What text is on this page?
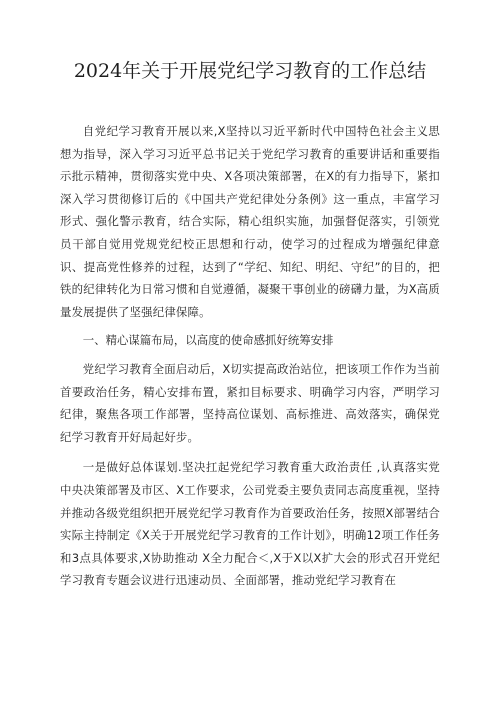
2024年关于开展党纪学习教育的工作总结

自党纪学习教育开展以来,X坚持以习近平新时代中国特色社会主义思想为指导，深入学习习近平总书记关于党纪学习教育的重要讲话和重要指示批示精神，贯彻落实党中央、X各项决策部署，在X的有力指导下，紧扣深入学习贯彻修订后的《中国共产党纪律处分条例》这一重点，丰富学习形式、强化警示教育，结合实际，精心组织实施，加强督促落实，引领党员干部自觉用党规党纪校正思想和行动，使学习的过程成为增强纪律意识、提高党性修养的过程，达到了“学纪、知纪、明纪、守纪”的目的，把铁的纪律转化为日常习惯和自觉遵循，凝聚干事创业的磅礴力量，为X高质量发展提供了坚强纪律保障。

一、精心谋篇布局，以高度的使命感抓好统筹安排

党纪学习教育全面启动后，X切实提高政治站位，把该项工作作为当前首要政治任务，精心安排布置，紧扣目标要求、明确学习内容，严明学习纪律，聚焦各项工作部署，坚持高位谋划、高标推进、高效落实，确保党纪学习教育开好局起好步。

一是做好总体谋划.坚决扛起党纪学习教育重大政治责任 ,认真落实党中央决策部署及市区、X工作要求，公司党委主要负责同志高度重视，坚持并推动各级党组织把开展党纪学习教育作为首要政治任务，按照X部署结合实际主持制定《X关于开展党纪学习教育的工作计划》，明确12项工作任务和3点具体要求,X协助推动 X全力配合＜,X于X以X扩大会的形式召开党纪学习教育专题会议进行迅速动员、全面部署，推动党纪学习教育在
